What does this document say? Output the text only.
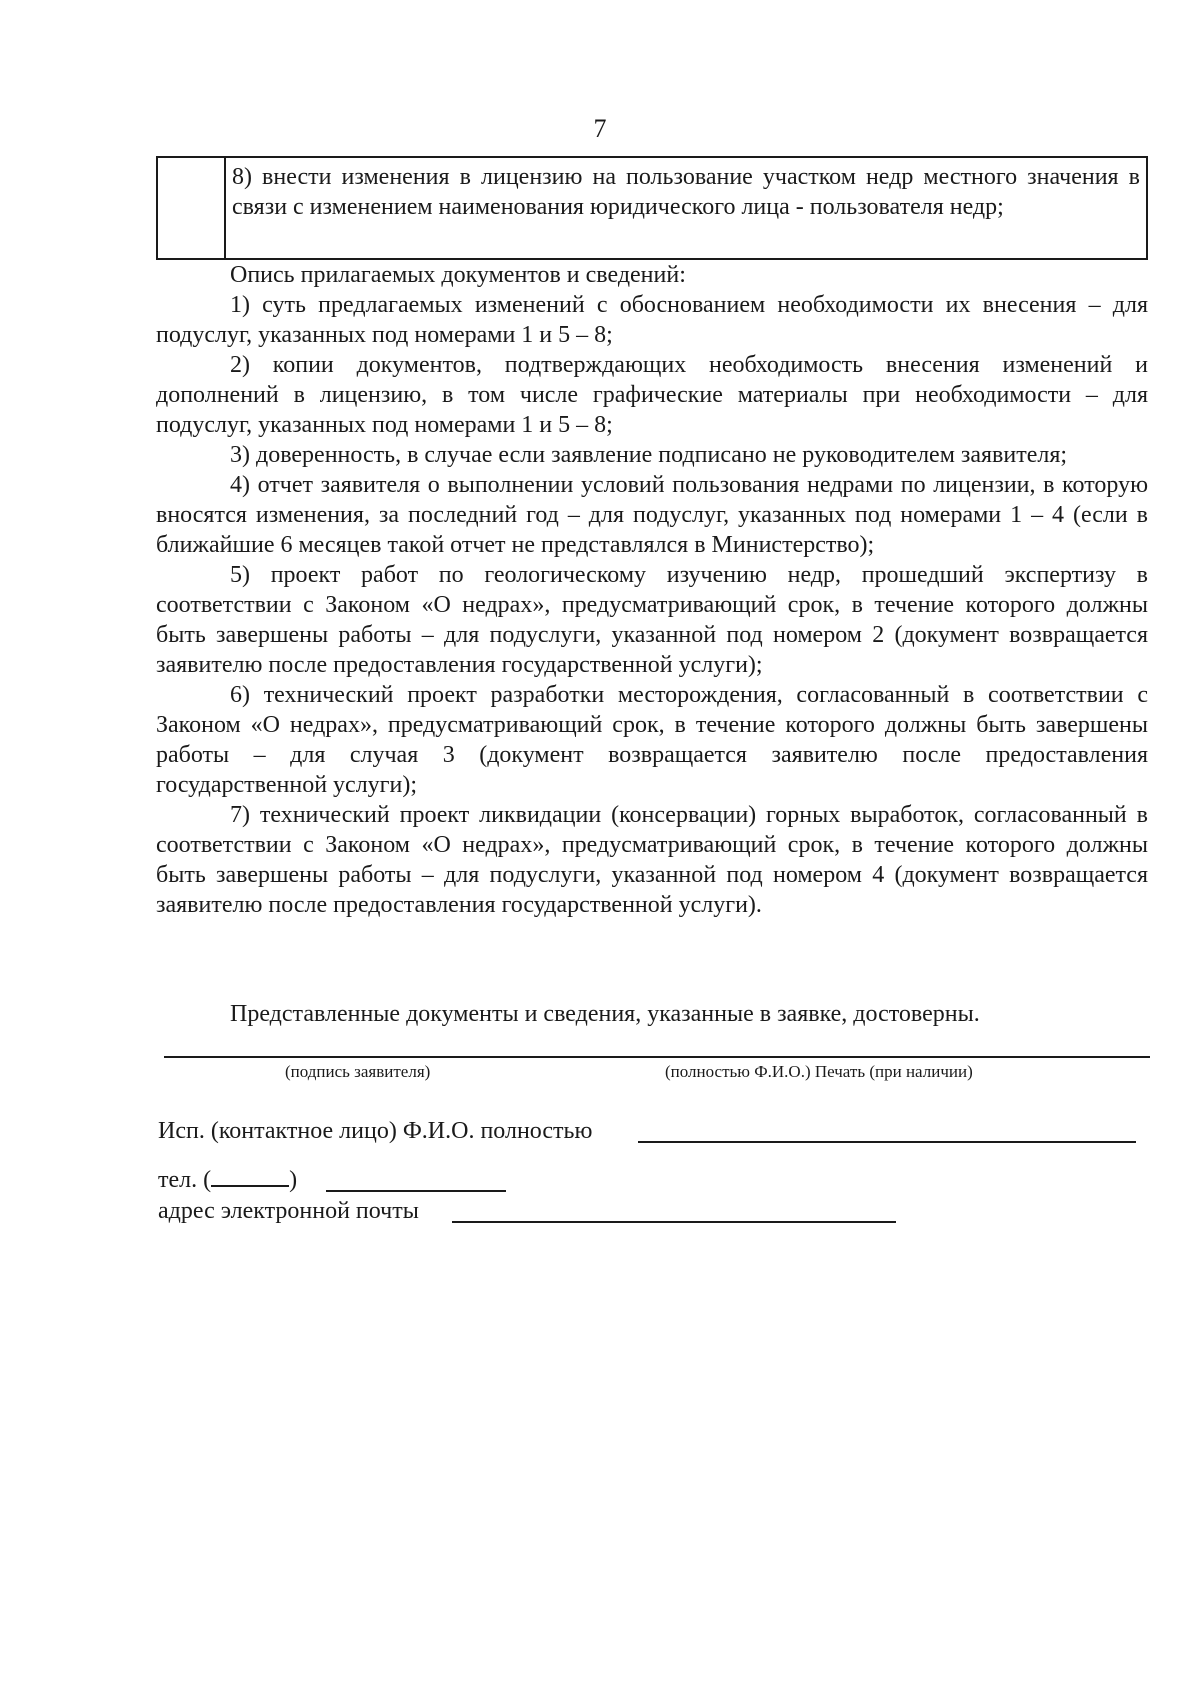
7
8) внести изменения в лицензию на пользование участком недр местного значения в связи с изменением наименования юридического лица - пользователя недр;

Опись прилагаемых документов и сведений:

1) суть предлагаемых изменений с обоснованием необходимости их внесения – для подуслуг, указанных под номерами 1 и 5 – 8;

2) копии документов, подтверждающих необходимость внесения изменений и дополнений в лицензию, в том числе графические материалы при необходимости – для подуслуг, указанных под номерами 1 и 5 – 8;

3) доверенность, в случае если заявление подписано не руководителем заявителя;

4) отчет заявителя о выполнении условий пользования недрами по лицензии, в которую вносятся изменения, за последний год – для подуслуг, указанных под номерами 1 – 4 (если в ближайшие 6 месяцев такой отчет не представлялся в Министерство);

5) проект работ по геологическому изучению недр, прошедший экспертизу в соответствии с Законом «О недрах», предусматривающий срок, в течение которого должны быть завершены работы – для подуслуги, указанной под номером 2 (документ возвращается заявителю после предоставления государственной услуги);

6) технический проект разработки месторождения, согласованный в соответствии с Законом «О недрах», предусматривающий срок, в течение которого должны быть завершены работы – для случая 3 (документ возвращается заявителю после предоставления государственной услуги);

7) технический проект ликвидации (консервации) горных выработок, согласованный в соответствии с Законом «О недрах», предусматривающий срок, в течение которого должны быть завершены работы – для подуслуги, указанной под номером 4 (документ возвращается заявителю после предоставления государственной услуги).

Представленные документы и сведения, указанные в заявке, достоверны.
(подпись заявителя)	(полностью Ф.И.О.) Печать (при наличии)
Исп. (контактное лицо) Ф.И.О. полностью
тел. (	)
адрес электронной почты
